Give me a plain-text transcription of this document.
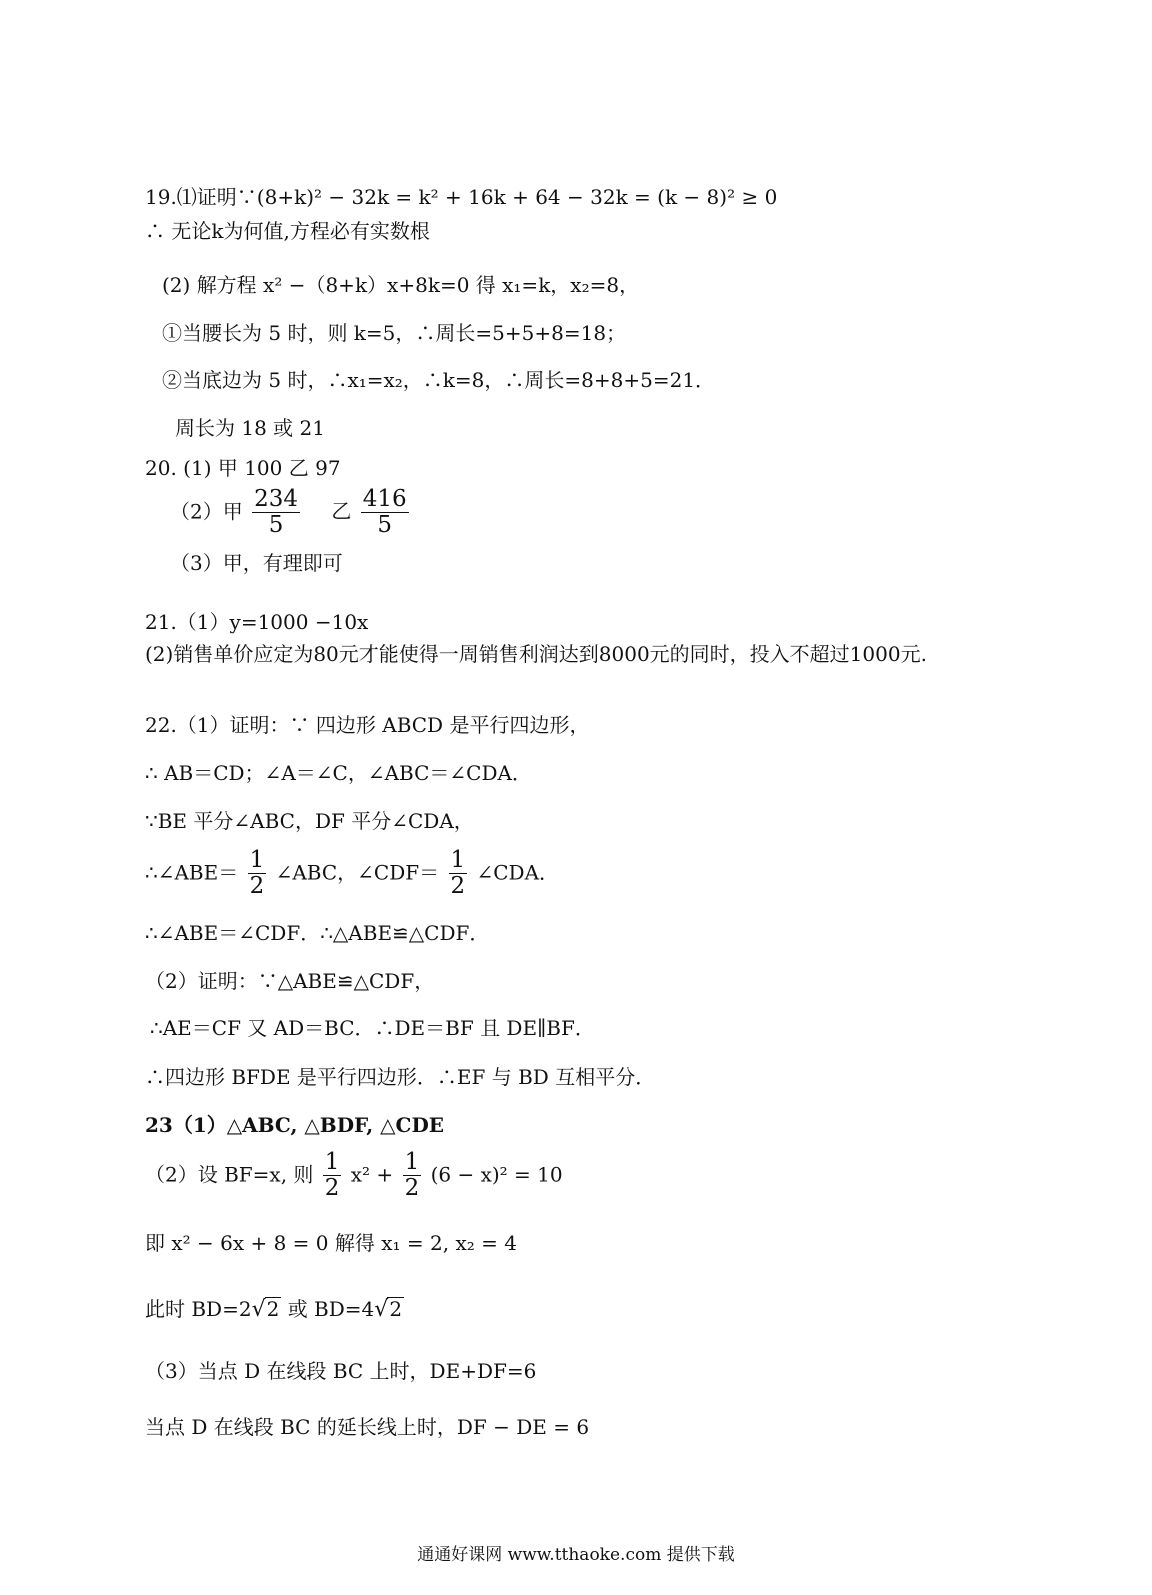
19.⑴证明∵(8+k)² − 32k = k² + 16k + 64 − 32k = (k − 8)² ≥ 0
∴ 无论k为何值,方程必有实数根
(2) 解方程 x² −（8+k）x+8k=0 得 x₁=k，x₂=8，
①当腰长为 5 时，则 k=5，∴周长=5+5+8=18；
②当底边为 5 时，∴x₁=x₂，∴k=8，∴周长=8+8+5=21．
周长为 18 或 21
20. (1) 甲 100 乙 97
（2）甲 $\frac{234}{5}$ 乙 $\frac{416}{5}$
（3）甲，有理即可
21.（1）y=1000 −10x
(2)销售单价应定为80元才能使得一周销售利润达到8000元的同时，投入不超过1000元.
22.（1）证明：∵ 四边形 ABCD 是平行四边形，
∴ AB＝CD；∠A＝∠C，∠ABC＝∠CDA．
∵BE 平分∠ABC，DF 平分∠CDA，
∴∠ABE＝ $\frac{1}{2}$ ∠ABC，∠CDF＝ $\frac{1}{2}$ ∠CDA．
∴∠ABE＝∠CDF．∴△ABE≌△CDF．
（2）证明：∵△ABE≌△CDF，
∴AE＝CF 又 AD＝BC．∴DE＝BF 且 DE∥BF．
∴四边形 BFDE 是平行四边形．∴EF 与 BD 互相平分．
23（1）△ABC, △BDF, △CDE
（2）设 BF=x, 则 $\frac{1}{2} x^2 + \frac{1}{2} (6 - x)^2 = 10$
即 x² − 6x + 8 = 0 解得 x₁ = 2, x₂ = 4
此时 BD=2√2 或 BD=4√2
（3）当点 D 在线段 BC 上时，DE+DF=6
当点 D 在线段 BC 的延长线上时，DF − DE = 6
通通好课网 www.tthaoke.com 提供下载
